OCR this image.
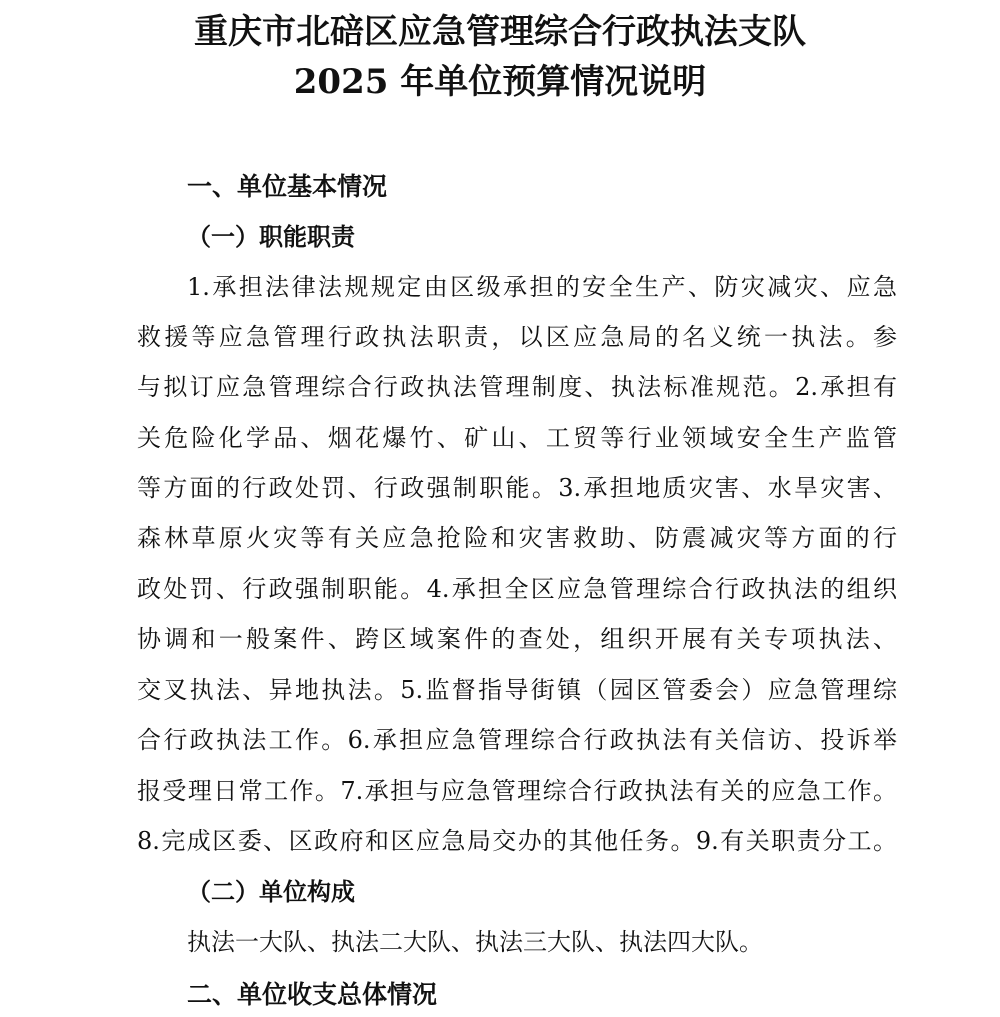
重庆市北碚区应急管理综合行政执法支队
2025 年单位预算情况说明
一、单位基本情况
（一）职能职责

1.承担法律法规规定由区级承担的安全生产、防灾减灾、应急

救援等应急管理行政执法职责，以区应急局的名义统一执法。参

与拟订应急管理综合行政执法管理制度、执法标准规范。2.承担有

关危险化学品、烟花爆竹、矿山、工贸等行业领域安全生产监管

等方面的行政处罚、行政强制职能。3.承担地质灾害、水旱灾害、

森林草原火灾等有关应急抢险和灾害救助、防震减灾等方面的行

政处罚、行政强制职能。4.承担全区应急管理综合行政执法的组织

协调和一般案件、跨区域案件的查处，组织开展有关专项执法、

交叉执法、异地执法。5.监督指导街镇（园区管委会）应急管理综

合行政执法工作。6.承担应急管理综合行政执法有关信访、投诉举

报受理日常工作。7.承担与应急管理综合行政执法有关的应急工作。

8.完成区委、区政府和区应急局交办的其他任务。9.有关职责分工。

（二）单位构成

执法一大队、执法二大队、执法三大队、执法四大队。

二、单位收支总体情况
